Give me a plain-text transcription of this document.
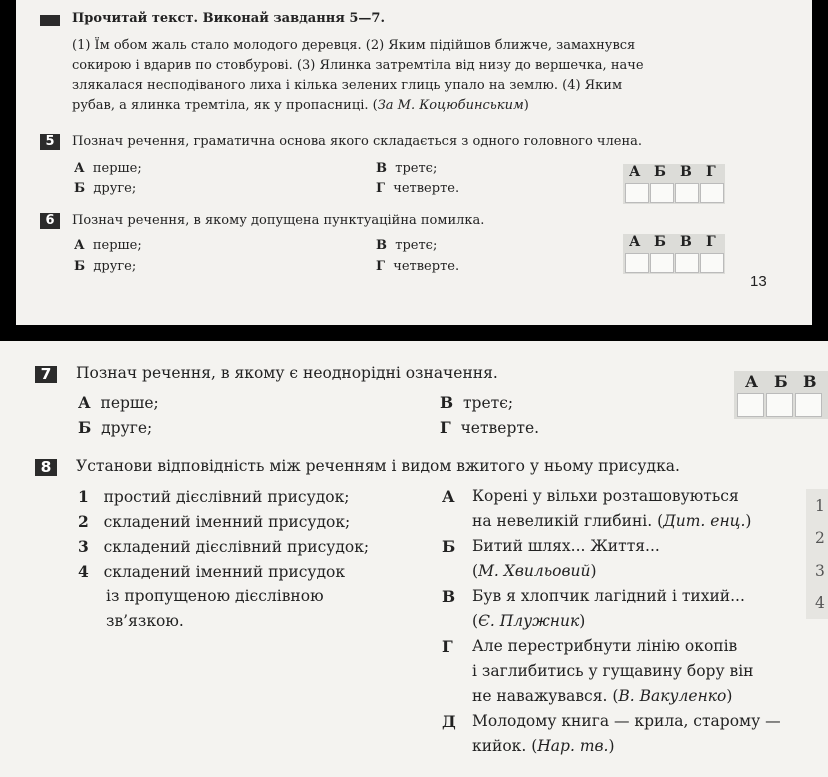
Прочитай текст. Виконай завдання 5—7.
(1) Їм обом жаль стало молодого деревця. (2) Яким підійшов ближче, замахнувся
сокирою і вдарив по стовбурові. (3) Ялинка затремтіла від низу до вершечка, наче
злякалася несподіваного лиха і кілька зелених глиць упало на землю. (4) Яким
рубав, а ялинка тремтіла, як у пропасниці. (За М. Коцюбинським)
5	Познач речення, граматична основа якого складається з одного головного члена.
А перше;
Б друге;
В третє;
Г четверте.
А Б В Г
6	Познач речення, в якому допущена пунктуаційна помилка.
А перше;
Б друге;
В третє;
Г четверте.
А Б В Г
13
7	Познач речення, в якому є неоднорідні означення.
А перше;
Б друге;
В третє;
Г четверте.
А Б В
8	Установи відповідність між реченням і видом вжитого у ньому присудка.
1 простий дієслівний присудок;
2 складений іменний присудок;
3 складений дієслівний присудок;
4 складений іменний присудок
із пропущеною дієслівною
зв’язкою.
А Корені у вільхи розташовуються
на невеликій глибині. (Дит. енц.)
Б Битий шлях... Життя...
(М. Хвильовий)
В Був я хлопчик лагідний і тихий...
(Є. Плужник)
Г Але перестрибнути лінію окопів
і заглибитись у гущавину бору він
не наважувався. (В. Вакуленко)
Д Молодому книга — крила, старому —
кийок. (Нар. тв.)
1
2
3
4
